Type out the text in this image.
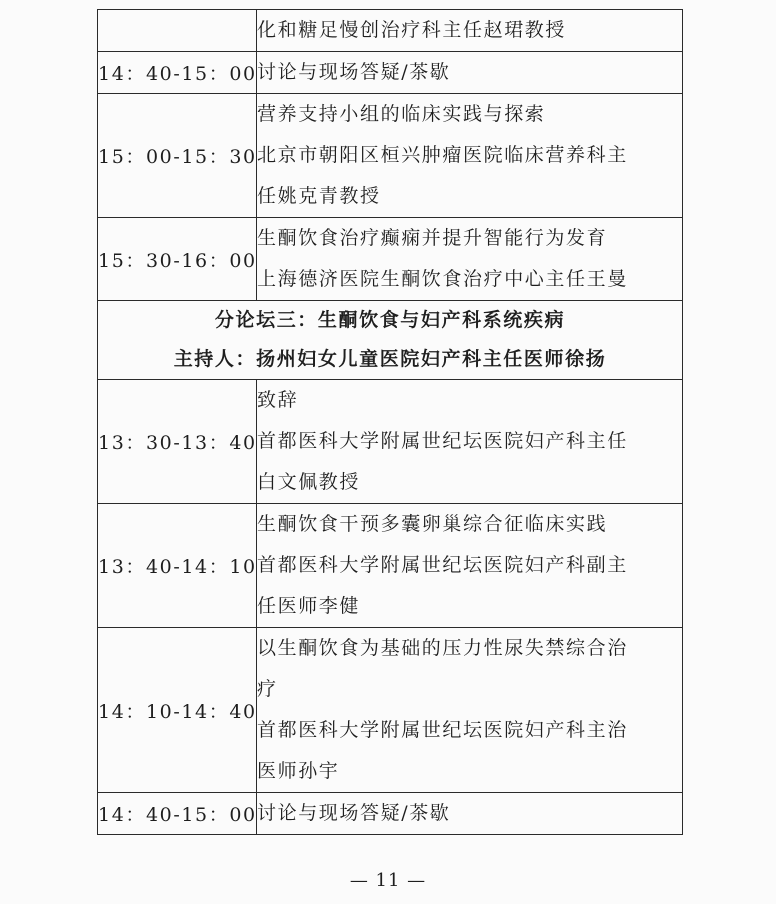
	化和糖足慢创治疗科主任赵珺教授

14：40-15：00	讨论与现场答疑/茶歇

15：00-15：30	营养支持小组的临床实践与探索
北京市朝阳区桓兴肿瘤医院临床营养科主
任姚克青教授

15：30-16：00	生酮饮食治疗癫痫并提升智能行为发育
上海德济医院生酮饮食治疗中心主任王曼

分论坛三：生酮饮食与妇产科系统疾病
主持人：扬州妇女儿童医院妇产科主任医师徐扬	

13：30-13：40	致辞
首都医科大学附属世纪坛医院妇产科主任
白文佩教授

13：40-14：10	生酮饮食干预多囊卵巢综合征临床实践
首都医科大学附属世纪坛医院妇产科副主
任医师李健

14：10-14：40	以生酮饮食为基础的压力性尿失禁综合治
疗
首都医科大学附属世纪坛医院妇产科主治
医师孙宇

14：40-15：00	讨论与现场答疑/茶歇
— 11 —
